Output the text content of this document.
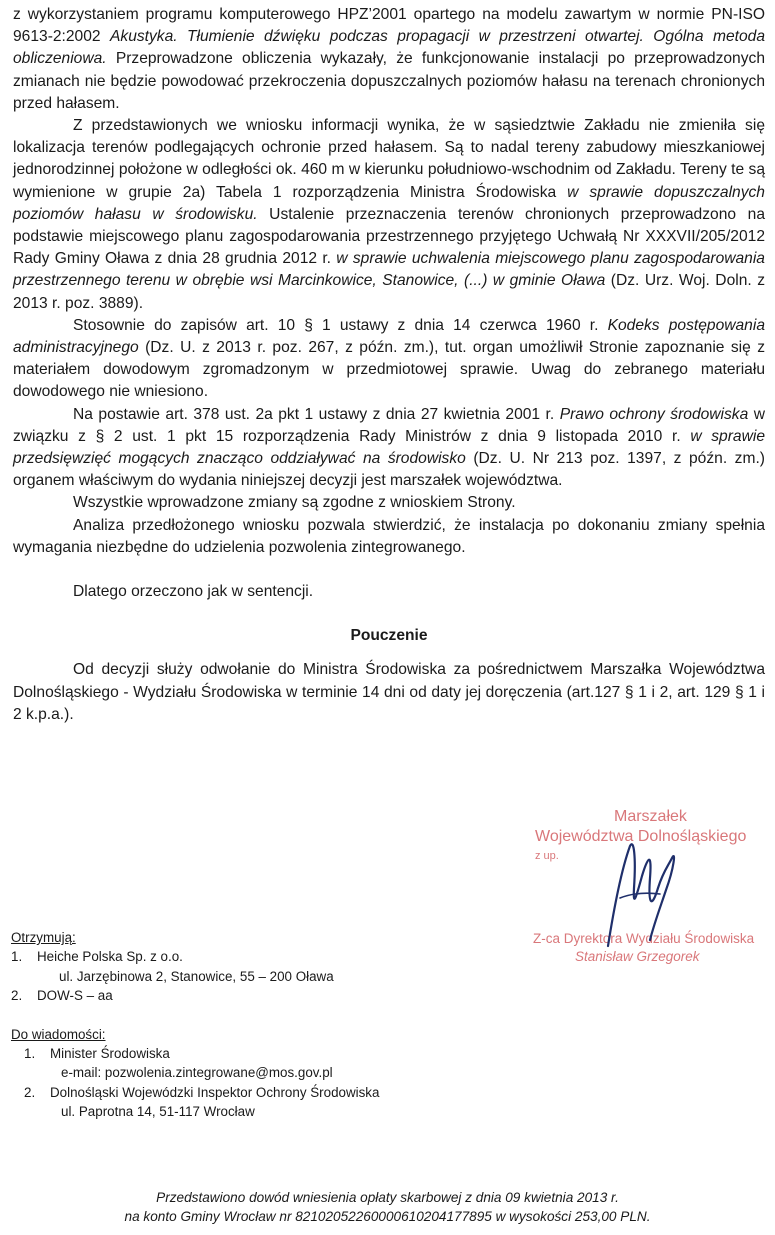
z wykorzystaniem programu komputerowego HPZ’2001 opartego na modelu zawartym w normie PN-ISO 9613-2:2002 Akustyka. Tłumienie dźwięku podczas propagacji w przestrzeni otwartej. Ogólna metoda obliczeniowa. Przeprowadzone obliczenia wykazały, że funkcjonowanie instalacji po przeprowadzonych zmianach nie będzie powodować przekroczenia dopuszczalnych poziomów hałasu na terenach chronionych przed hałasem.

Z przedstawionych we wniosku informacji wynika, że w sąsiedztwie Zakładu nie zmieniła się lokalizacja terenów podlegających ochronie przed hałasem. Są to nadal tereny zabudowy mieszkaniowej jednorodzinnej położone w odległości ok. 460 m w kierunku południowo-wschodnim od Zakładu. Tereny te są wymienione w grupie 2a) Tabela 1 rozporządzenia Ministra Środowiska w sprawie dopuszczalnych poziomów hałasu w środowisku. Ustalenie przeznaczenia terenów chronionych przeprowadzono na podstawie miejscowego planu zagospodarowania przestrzennego przyjętego Uchwałą Nr XXXVII/205/2012 Rady Gminy Oława z dnia 28 grudnia 2012 r. w sprawie uchwalenia miejscowego planu zagospodarowania przestrzennego terenu w obrębie wsi Marcinkowice, Stanowice, (...) w gminie Oława (Dz. Urz. Woj. Doln. z 2013 r. poz. 3889).

Stosownie do zapisów art. 10 § 1 ustawy z dnia 14 czerwca 1960 r. Kodeks postępowania administracyjnego (Dz. U. z 2013 r. poz. 267, z późn. zm.), tut. organ umożliwił Stronie zapoznanie się z materiałem dowodowym zgromadzonym w przedmiotowej sprawie. Uwag do zebranego materiału dowodowego nie wniesiono.

Na postawie art. 378 ust. 2a pkt 1 ustawy z dnia 27 kwietnia 2001 r. Prawo ochrony środowiska w związku z § 2 ust. 1 pkt 15 rozporządzenia Rady Ministrów z dnia 9 listopada 2010 r. w sprawie przedsięwzięć mogących znacząco oddziaływać na środowisko (Dz. U. Nr 213 poz. 1397, z późn. zm.) organem właściwym do wydania niniejszej decyzji jest marszałek województwa.

Wszystkie wprowadzone zmiany są zgodne z wnioskiem Strony.

Analiza przedłożonego wniosku pozwala stwierdzić, że instalacja po dokonaniu zmiany spełnia wymagania niezbędne do udzielenia pozwolenia zintegrowanego.

Dlatego orzeczono jak w sentencji.

Pouczenie

Od decyzji służy odwołanie do Ministra Środowiska za pośrednictwem Marszałka Województwa Dolnośląskiego - Wydziału Środowiska w terminie 14 dni od daty jej doręczenia (art.127 § 1 i 2, art. 129 § 1 i 2 k.p.a.).

Marszałek
Województwa Dolnośląskiego
z up.
Z-ca Dyrektora Wydziału Środowiska
Stanisław Grzegorek
Otrzymują:
1. Heiche Polska Sp. z o.o.
ul. Jarzębinowa 2, Stanowice, 55 – 200 Oława
2. DOW-S – aa
Do wiadomości:
1. Minister Środowiska
e-mail: pozwolenia.zintegrowane@mos.gov.pl
2. Dolnośląski Wojewódzki Inspektor Ochrony Środowiska
ul. Paprotna 14, 51-117 Wrocław
Przedstawiono dowód wniesienia opłaty skarbowej z dnia 09 kwietnia 2013 r.
na konto Gminy Wrocław nr 82102052260000610204177895 w wysokości 253,00 PLN.
